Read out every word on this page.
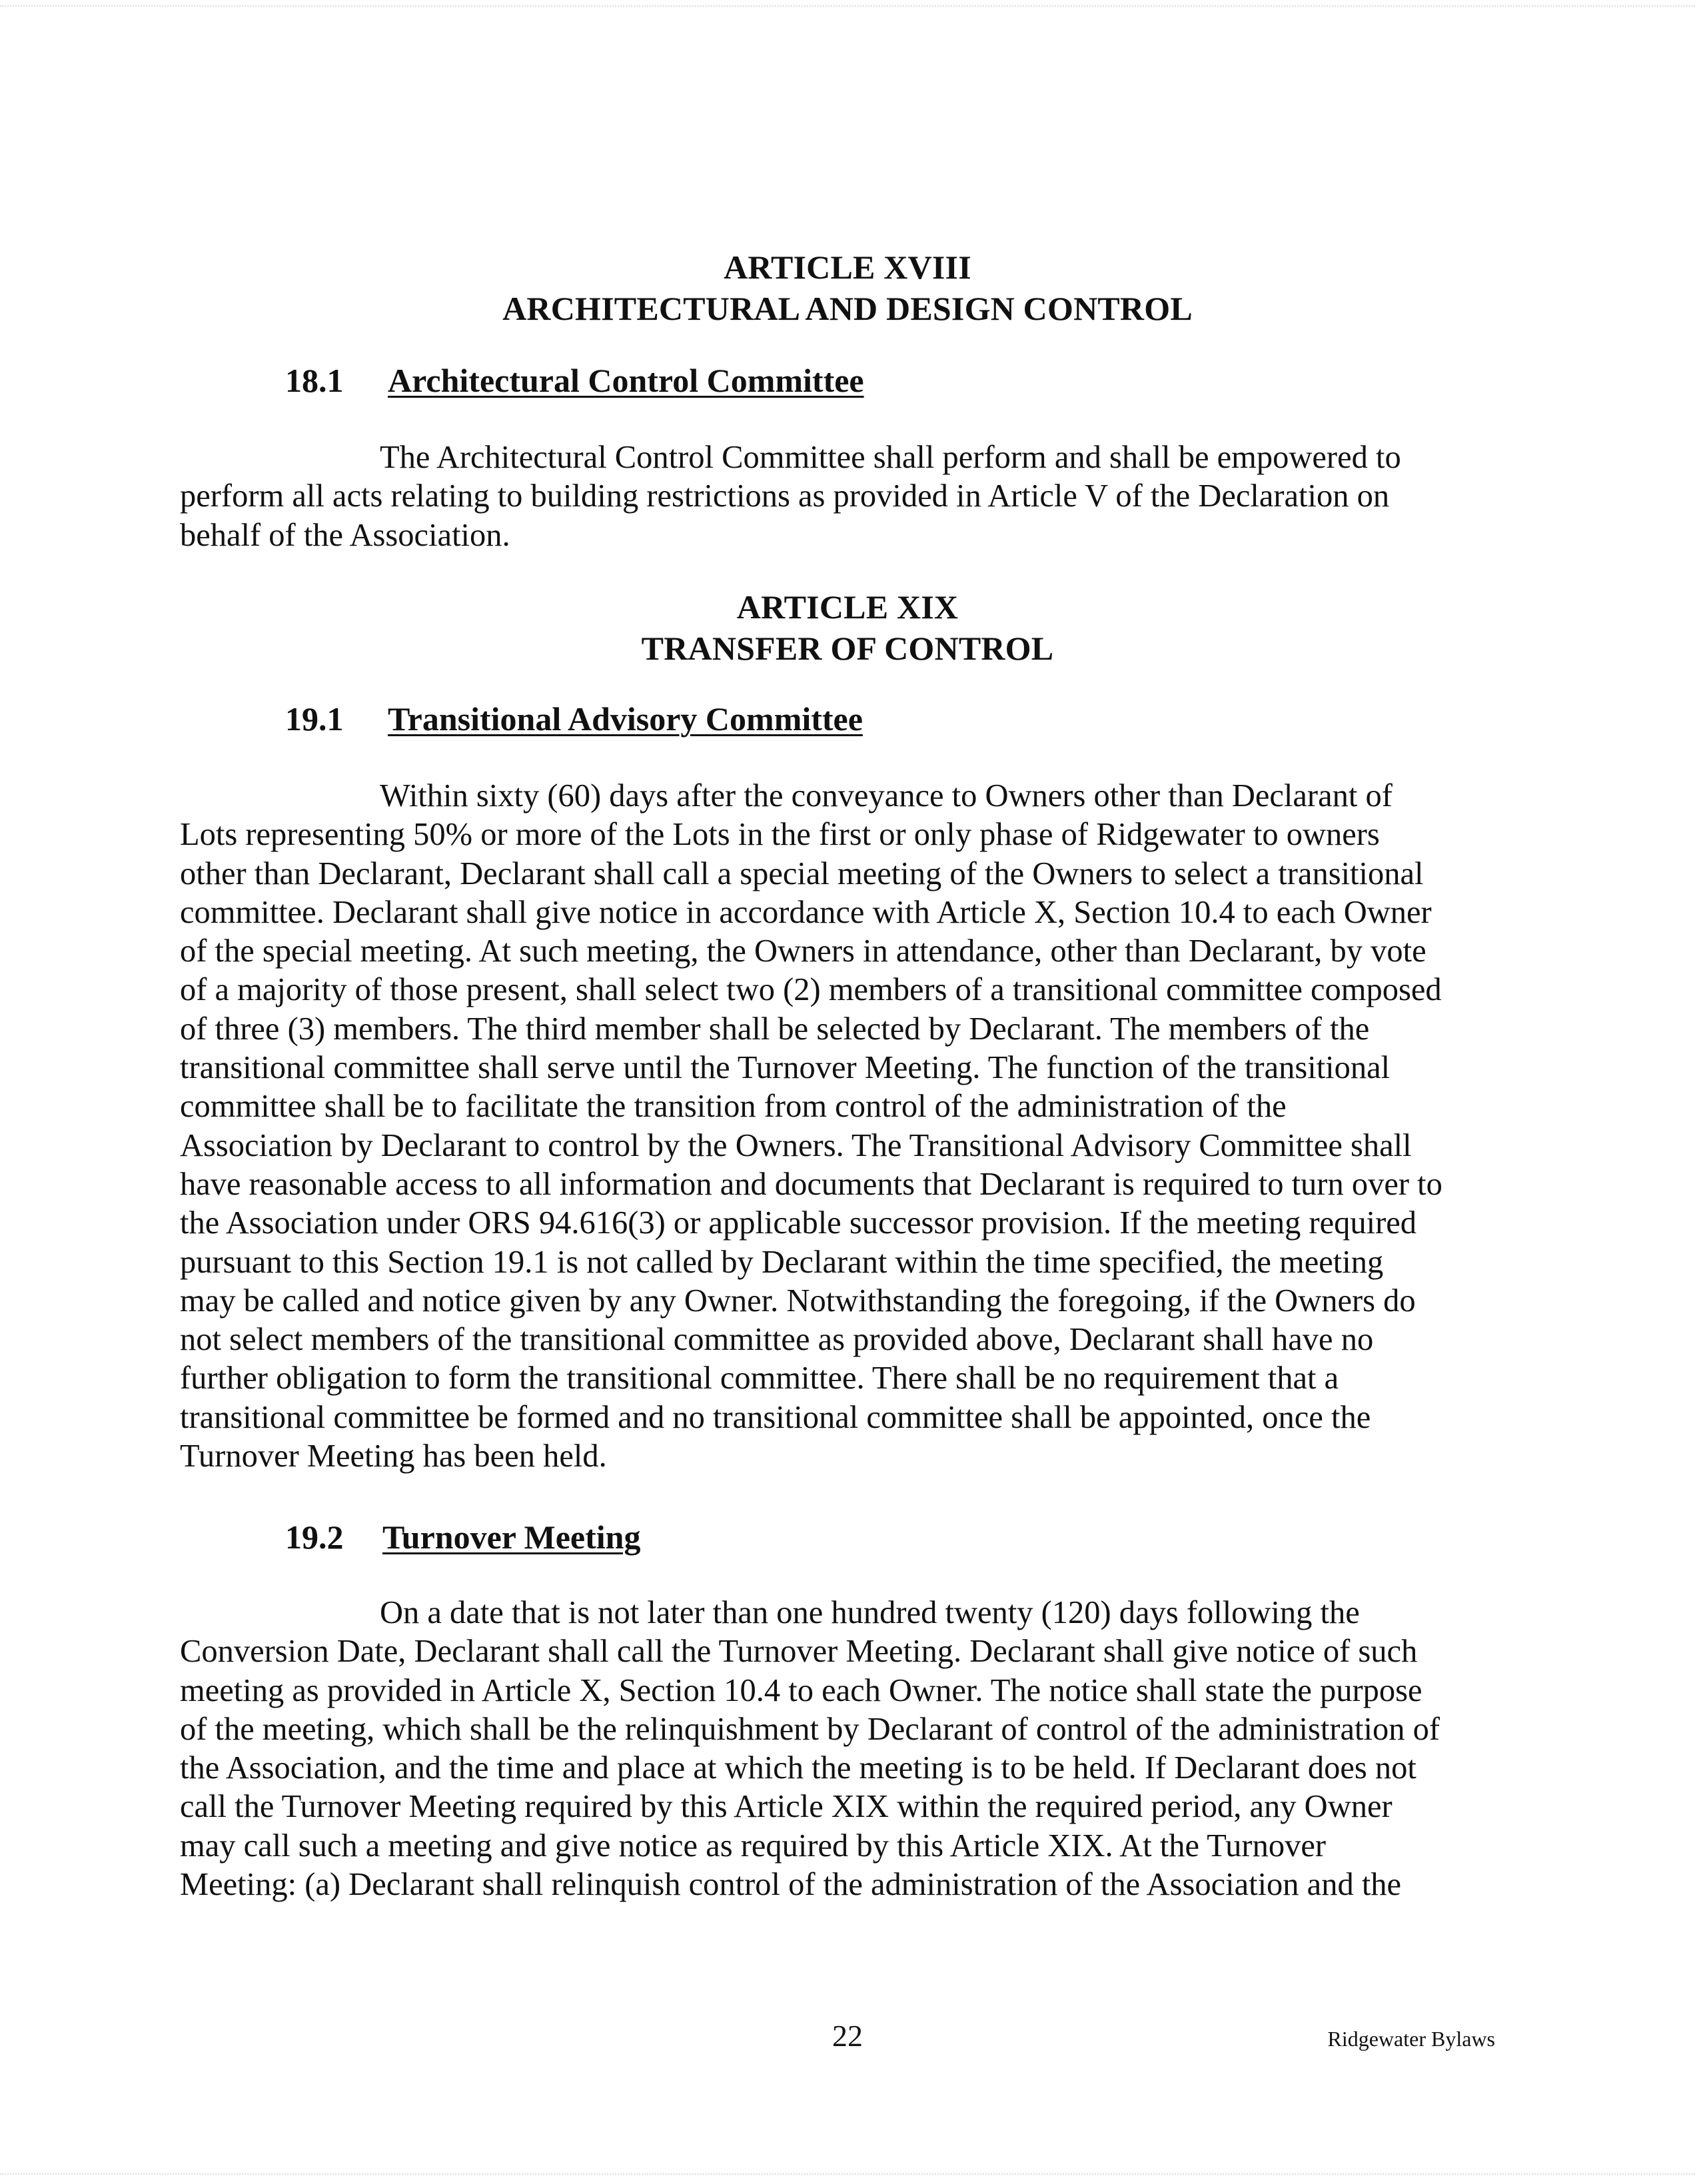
ARTICLE XVIII
ARCHITECTURAL AND DESIGN CONTROL
18.1 Architectural Control Committee
The Architectural Control Committee shall perform and shall be empowered to
perform all acts relating to building restrictions as provided in Article V of the Declaration on
behalf of the Association.
ARTICLE XIX
TRANSFER OF CONTROL
19.1 Transitional Advisory Committee
Within sixty (60) days after the conveyance to Owners other than Declarant of
Lots representing 50% or more of the Lots in the first or only phase of Ridgewater to owners
other than Declarant, Declarant shall call a special meeting of the Owners to select a transitional
committee. Declarant shall give notice in accordance with Article X, Section 10.4 to each Owner
of the special meeting. At such meeting, the Owners in attendance, other than Declarant, by vote
of a majority of those present, shall select two (2) members of a transitional committee composed
of three (3) members. The third member shall be selected by Declarant. The members of the
transitional committee shall serve until the Turnover Meeting. The function of the transitional
committee shall be to facilitate the transition from control of the administration of the
Association by Declarant to control by the Owners. The Transitional Advisory Committee shall
have reasonable access to all information and documents that Declarant is required to turn over to
the Association under ORS 94.616(3) or applicable successor provision. If the meeting required
pursuant to this Section 19.1 is not called by Declarant within the time specified, the meeting
may be called and notice given by any Owner. Notwithstanding the foregoing, if the Owners do
not select members of the transitional committee as provided above, Declarant shall have no
further obligation to form the transitional committee. There shall be no requirement that a
transitional committee be formed and no transitional committee shall be appointed, once the
Turnover Meeting has been held.
19.2 Turnover Meeting
On a date that is not later than one hundred twenty (120) days following the
Conversion Date, Declarant shall call the Turnover Meeting. Declarant shall give notice of such
meeting as provided in Article X, Section 10.4 to each Owner. The notice shall state the purpose
of the meeting, which shall be the relinquishment by Declarant of control of the administration of
the Association, and the time and place at which the meeting is to be held. If Declarant does not
call the Turnover Meeting required by this Article XIX within the required period, any Owner
may call such a meeting and give notice as required by this Article XIX. At the Turnover
Meeting: (a) Declarant shall relinquish control of the administration of the Association and the
22	Ridgewater Bylaws
